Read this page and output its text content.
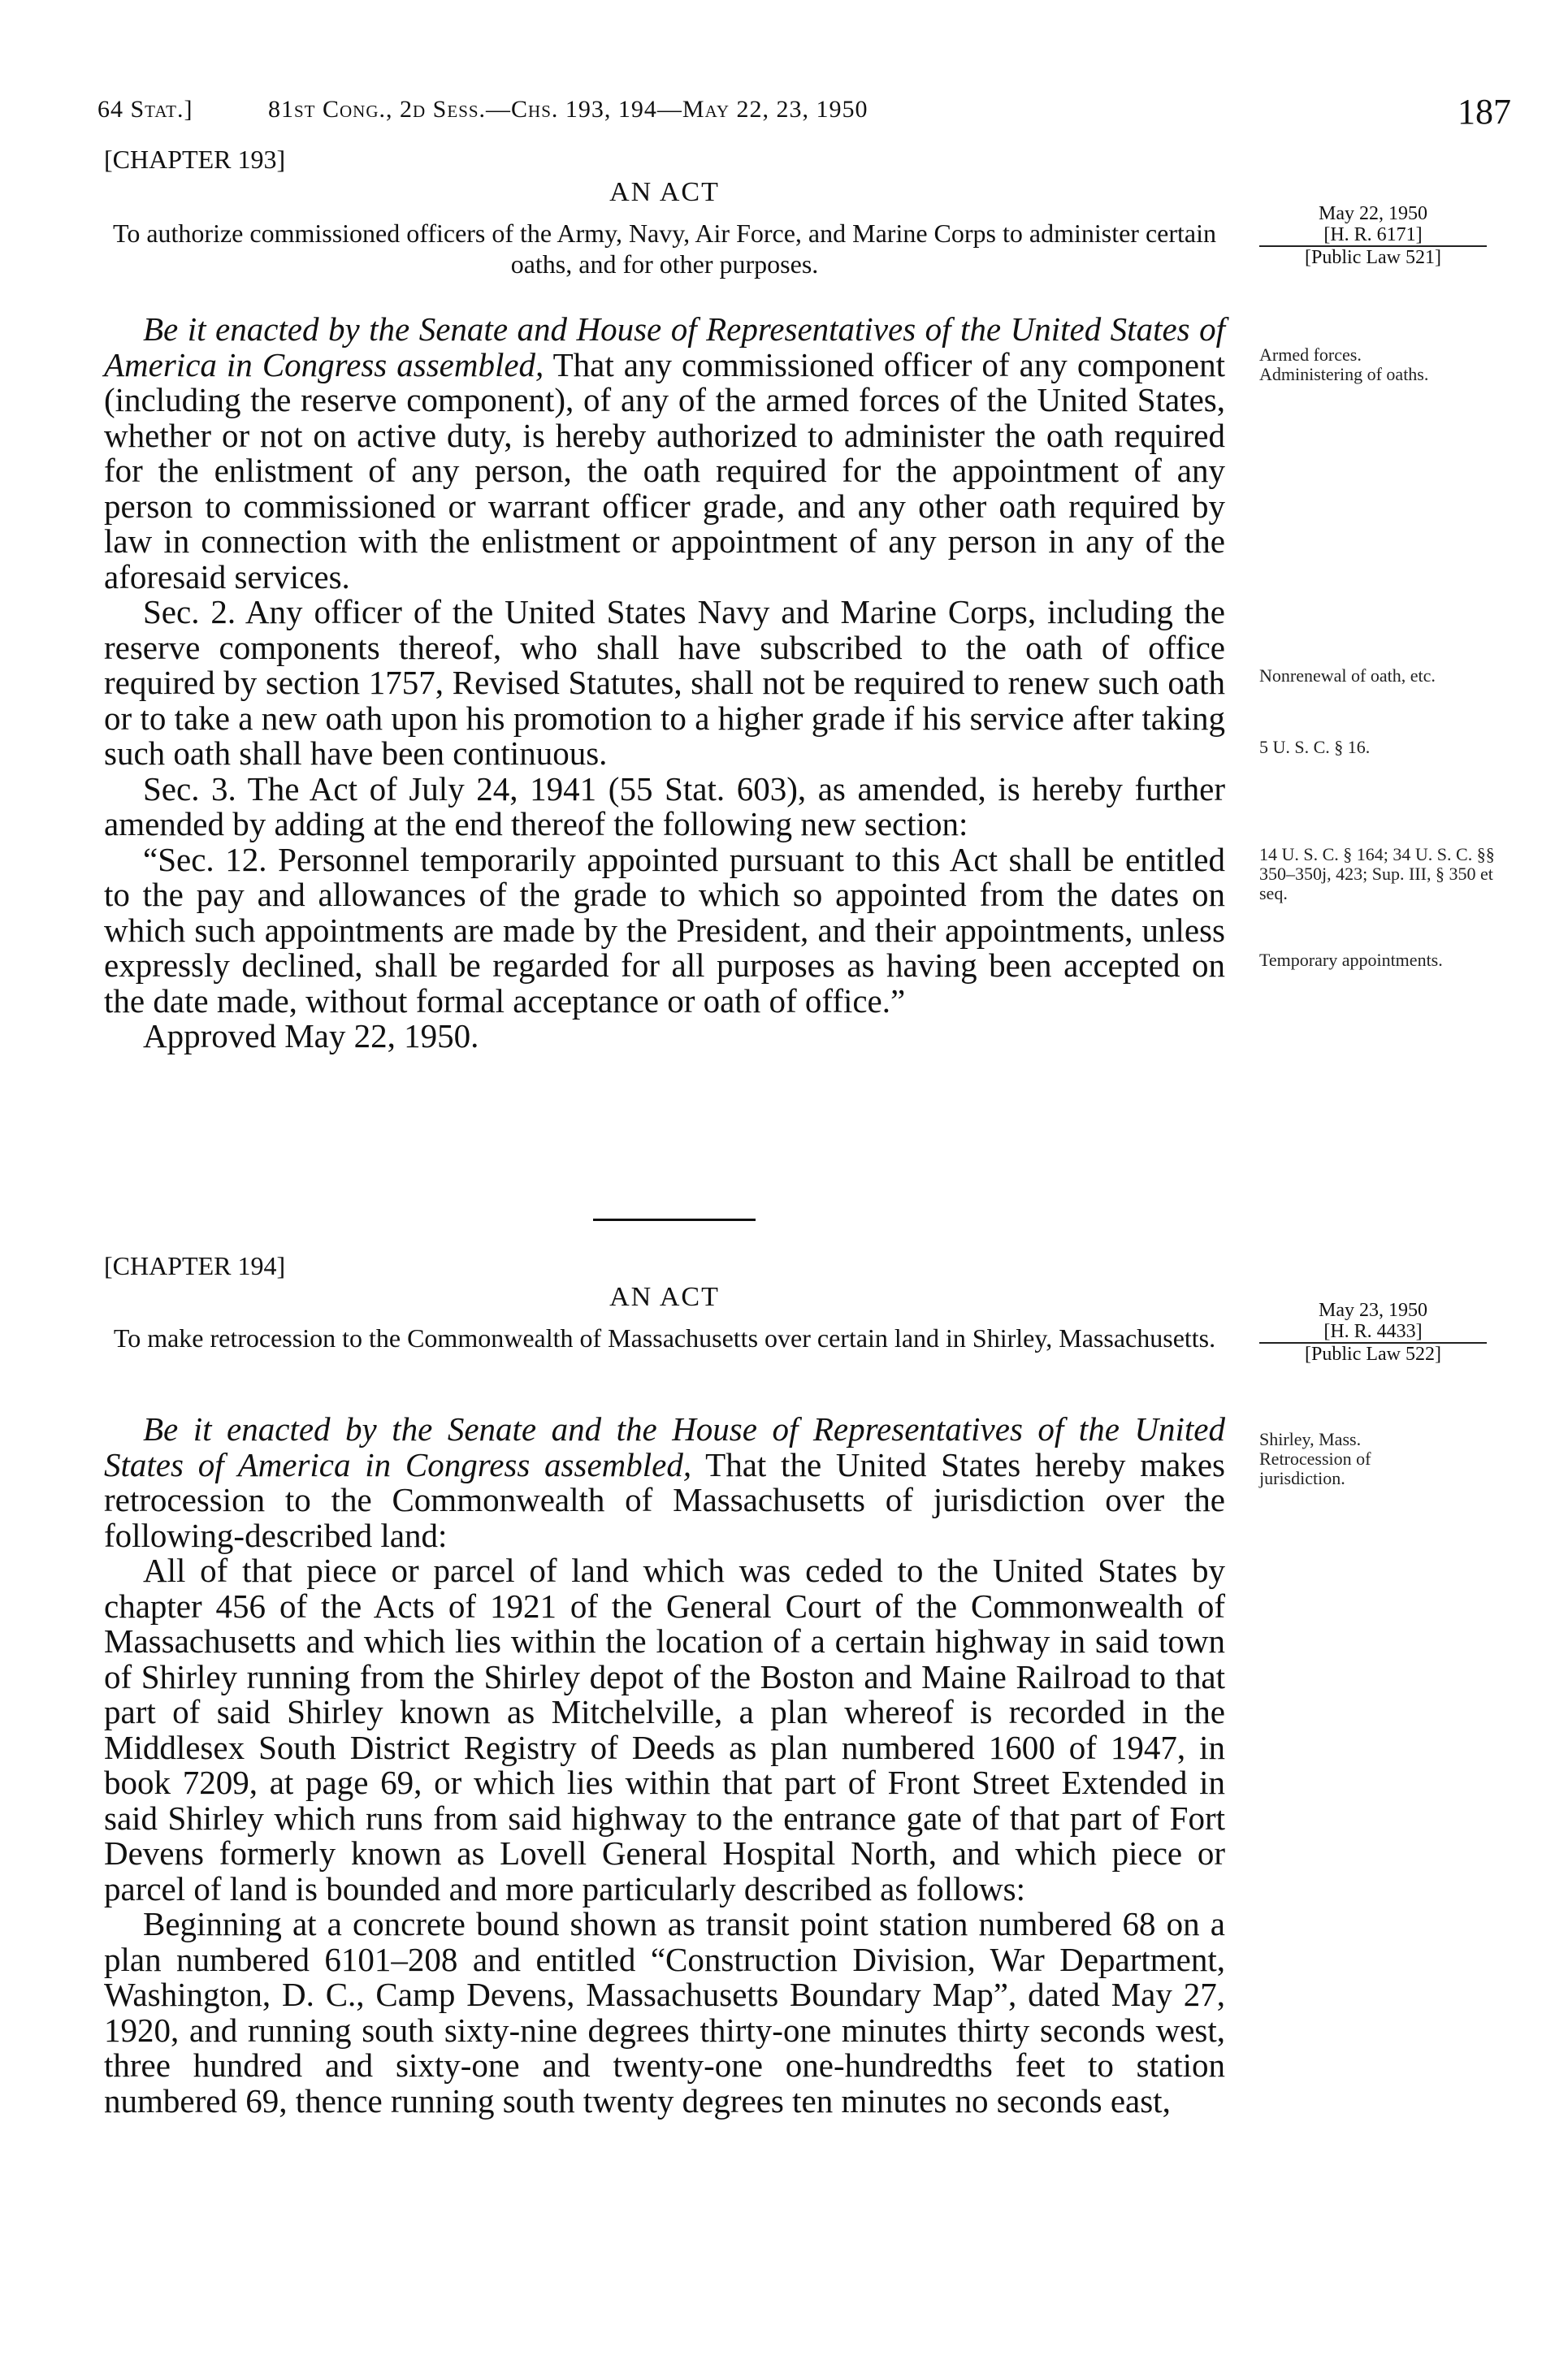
64 Stat.]	81st Cong., 2d Sess.—Chs. 193, 194—May 22, 23, 1950	187
[CHAPTER 193]
AN ACT
To authorize commissioned officers of the Army, Navy, Air Force, and Marine Corps to administer certain oaths, and for other purposes.
May 22, 1950
[H. R. 6171]
[Public Law 521]

Be it enacted by the Senate and House of Representatives of the United States of America in Congress assembled, That any commissioned officer of any component (including the reserve component), of any of the armed forces of the United States, whether or not on active duty, is hereby authorized to administer the oath required for the enlistment of any person, the oath required for the appointment of any person to commissioned or warrant officer grade, and any other oath required by law in connection with the enlistment or appointment of any person in any of the aforesaid services.

Sec. 2. Any officer of the United States Navy and Marine Corps, including the reserve components thereof, who shall have subscribed to the oath of office required by section 1757, Revised Statutes, shall not be required to renew such oath or to take a new oath upon his promotion to a higher grade if his service after taking such oath shall have been continuous.

Sec. 3. The Act of July 24, 1941 (55 Stat. 603), as amended, is hereby further amended by adding at the end thereof the following new section:

“Sec. 12. Personnel temporarily appointed pursuant to this Act shall be entitled to the pay and allowances of the grade to which so appointed from the dates on which such appointments are made by the President, and their appointments, unless expressly declined, shall be regarded for all purposes as having been accepted on the date made, without formal acceptance or oath of office.”

Approved May 22, 1950.

Armed forces. Administering of oaths.
Nonrenewal of oath, etc.
5 U. S. C. § 16.
14 U. S. C. § 164; 34 U. S. C. §§ 350–350j, 423; Sup. III, § 350 et seq.
Temporary appointments.
[CHAPTER 194]
AN ACT
To make retrocession to the Commonwealth of Massachusetts over certain land in Shirley, Massachusetts.
May 23, 1950
[H. R. 4433]
[Public Law 522]

Be it enacted by the Senate and the House of Representatives of the United States of America in Congress assembled, That the United States hereby makes retrocession to the Commonwealth of Massachusetts of jurisdiction over the following-described land:

All of that piece or parcel of land which was ceded to the United States by chapter 456 of the Acts of 1921 of the General Court of the Commonwealth of Massachusetts and which lies within the location of a certain highway in said town of Shirley running from the Shirley depot of the Boston and Maine Railroad to that part of said Shirley known as Mitchelville, a plan whereof is recorded in the Middlesex South District Registry of Deeds as plan numbered 1600 of 1947, in book 7209, at page 69, or which lies within that part of Front Street Extended in said Shirley which runs from said highway to the entrance gate of that part of Fort Devens formerly known as Lovell General Hospital North, and which piece or parcel of land is bounded and more particularly described as follows:

Beginning at a concrete bound shown as transit point station numbered 68 on a plan numbered 6101–208 and entitled “Construction Division, War Department, Washington, D. C., Camp Devens, Massachusetts Boundary Map”, dated May 27, 1920, and running south sixty-nine degrees thirty-one minutes thirty seconds west, three hundred and sixty-one and twenty-one one-hundredths feet to station numbered 69, thence running south twenty degrees ten minutes no seconds east,

Shirley, Mass. Retrocession of jurisdiction.
